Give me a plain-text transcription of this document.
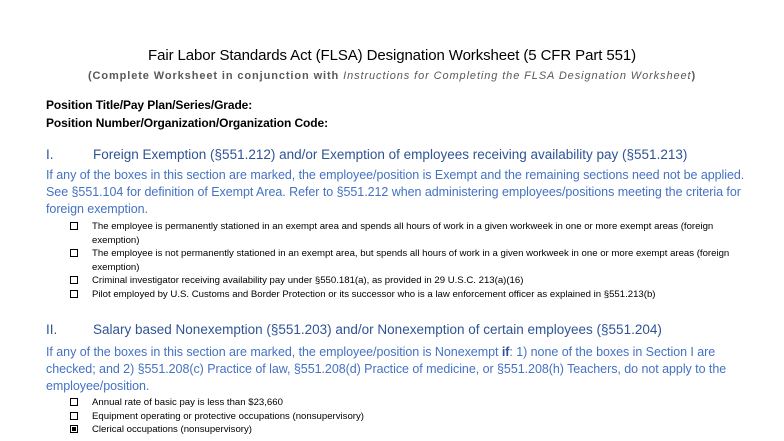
Fair Labor Standards Act (FLSA) Designation Worksheet (5 CFR Part 551)
(Complete Worksheet in conjunction with Instructions for Completing the FLSA Designation Worksheet)
Position Title/Pay Plan/Series/Grade:
Position Number/Organization/Organization Code:
I.	Foreign Exemption (§551.212) and/or Exemption of employees receiving availability pay (§551.213)
If any of the boxes in this section are marked, the employee/position is Exempt and the remaining sections need not be applied. See §551.104 for definition of Exempt Area. Refer to §551.212 when administering employees/positions meeting the criteria for foreign exemption.
The employee is permanently stationed in an exempt area and spends all hours of work in a given workweek in one or more exempt areas (foreign exemption)
The employee is not permanently stationed in an exempt area, but spends all hours of work in a given workweek in one or more exempt areas (foreign exemption)
Criminal investigator receiving availability pay under §550.181(a), as provided in 29 U.S.C. 213(a)(16)
Pilot employed by U.S. Customs and Border Protection or its successor who is a law enforcement officer as explained in §551.213(b)
II.	Salary based Nonexemption (§551.203) and/or Nonexemption of certain employees (§551.204)
If any of the boxes in this section are marked, the employee/position is Nonexempt if: 1) none of the boxes in Section I are checked; and 2) §551.208(c) Practice of law, §551.208(d) Practice of medicine, or §551.208(h) Teachers, do not apply to the employee/position.
Annual rate of basic pay is less than $23,660
Equipment operating or protective occupations (nonsupervisory)
Clerical occupations (nonsupervisory)
